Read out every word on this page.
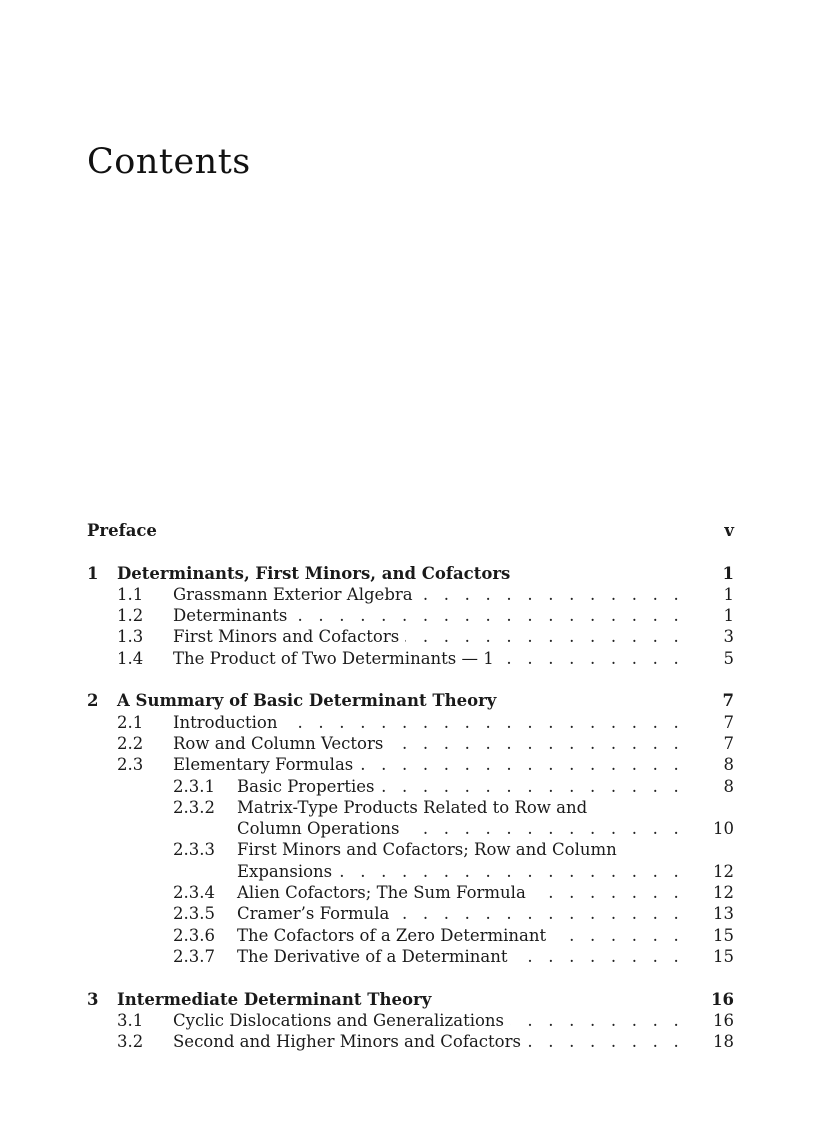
Contents
Preface	v
1	Determinants, First Minors, and Cofactors	1
1.1	Grassmann Exterior Algebra . . .	1
1.2	Determinants . . .	1
1.3	First Minors and Cofactors . . .	3
1.4	The Product of Two Determinants — 1 . . .	5
2	A Summary of Basic Determinant Theory	7
2.1	Introduction . . .	7
2.2	Row and Column Vectors . . .	7
2.3	Elementary Formulas . . .	8
2.3.1	Basic Properties . . .	8
2.3.2	Matrix-Type Products Related to Row and
Column Operations . . .	10
2.3.3	First Minors and Cofactors; Row and Column
Expansions . . .	12
2.3.4	Alien Cofactors; The Sum Formula . . .	12
2.3.5	Cramer’s Formula . . .	13
2.3.6	The Cofactors of a Zero Determinant . . .	15
2.3.7	The Derivative of a Determinant . . .	15
3	Intermediate Determinant Theory	16
3.1	Cyclic Dislocations and Generalizations . . .	16
3.2	Second and Higher Minors and Cofactors . . .	18
